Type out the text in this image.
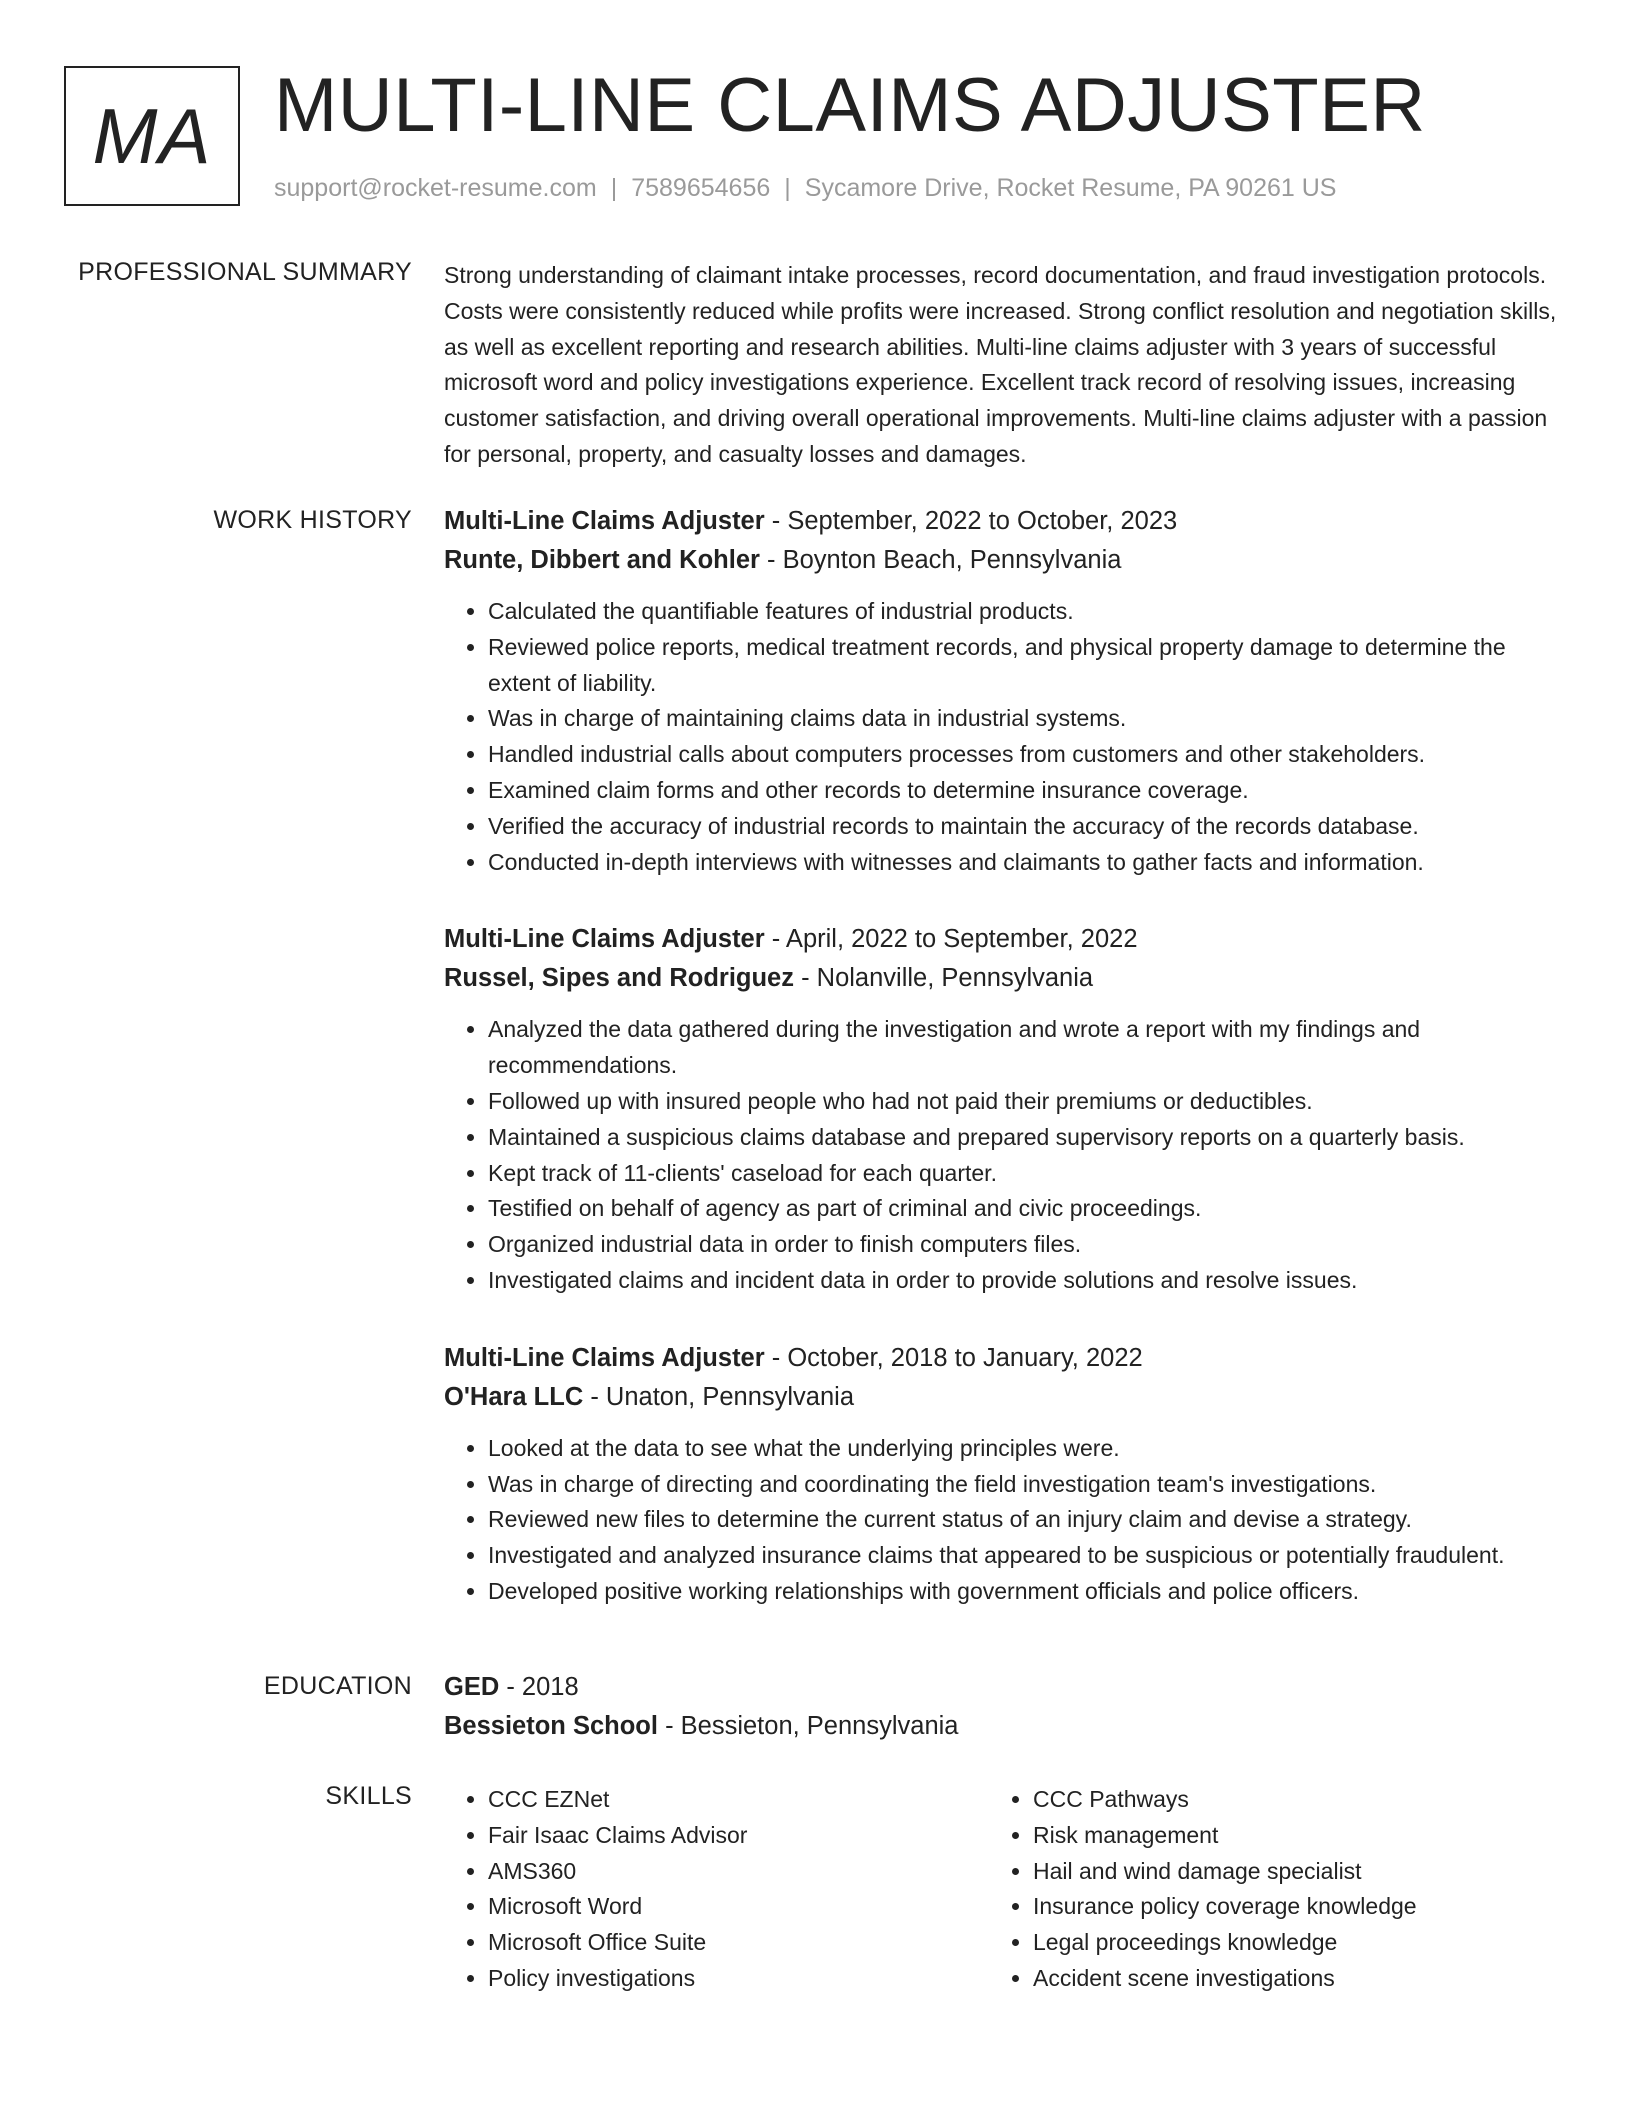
MA MULTI-LINE CLAIMS ADJUSTER
support@rocket-resume.com | 7589654656 | Sycamore Drive, Rocket Resume, PA 90261 US
PROFESSIONAL SUMMARY Strong understanding of claimant intake processes, record documentation, and fraud investigation protocols. Costs were consistently reduced while profits were increased. Strong conflict resolution and negotiation skills, as well as excellent reporting and research abilities. Multi-line claims adjuster with 3 years of successful microsoft word and policy investigations experience. Excellent track record of resolving issues, increasing customer satisfaction, and driving overall operational improvements. Multi-line claims adjuster with a passion for personal, property, and casualty losses and damages.

WORK HISTORY Multi-Line Claims Adjuster - September, 2022 to October, 2023
Runte, Dibbert and Kohler - Boynton Beach, Pennsylvania
• Calculated the quantifiable features of industrial products.
• Reviewed police reports, medical treatment records, and physical property damage to determine the extent of liability.
• Was in charge of maintaining claims data in industrial systems.
• Handled industrial calls about computers processes from customers and other stakeholders.
• Examined claim forms and other records to determine insurance coverage.
• Verified the accuracy of industrial records to maintain the accuracy of the records database.
• Conducted in-depth interviews with witnesses and claimants to gather facts and information.
Multi-Line Claims Adjuster - April, 2022 to September, 2022
Russel, Sipes and Rodriguez - Nolanville, Pennsylvania
• Analyzed the data gathered during the investigation and wrote a report with my findings and recommendations.
• Followed up with insured people who had not paid their premiums or deductibles.
• Maintained a suspicious claims database and prepared supervisory reports on a quarterly basis.
• Kept track of 11-clients' caseload for each quarter.
• Testified on behalf of agency as part of criminal and civic proceedings.
• Organized industrial data in order to finish computers files.
• Investigated claims and incident data in order to provide solutions and resolve issues.
Multi-Line Claims Adjuster - October, 2018 to January, 2022
O'Hara LLC - Unaton, Pennsylvania
• Looked at the data to see what the underlying principles were.
• Was in charge of directing and coordinating the field investigation team's investigations.
• Reviewed new files to determine the current status of an injury claim and devise a strategy.
• Investigated and analyzed insurance claims that appeared to be suspicious or potentially fraudulent.
• Developed positive working relationships with government officials and police officers.
EDUCATION GED - 2018
Bessieton School - Bessieton, Pennsylvania
SKILLS
•	CCC EZNet
• Fair Isaac Claims Advisor
• AMS360
• Microsoft Word
• Microsoft Office Suite
• Policy investigations
• CCC Pathways
• Risk management
• Hail and wind damage specialist
• Insurance policy coverage knowledge
• Legal proceedings knowledge
• Accident scene investigations
